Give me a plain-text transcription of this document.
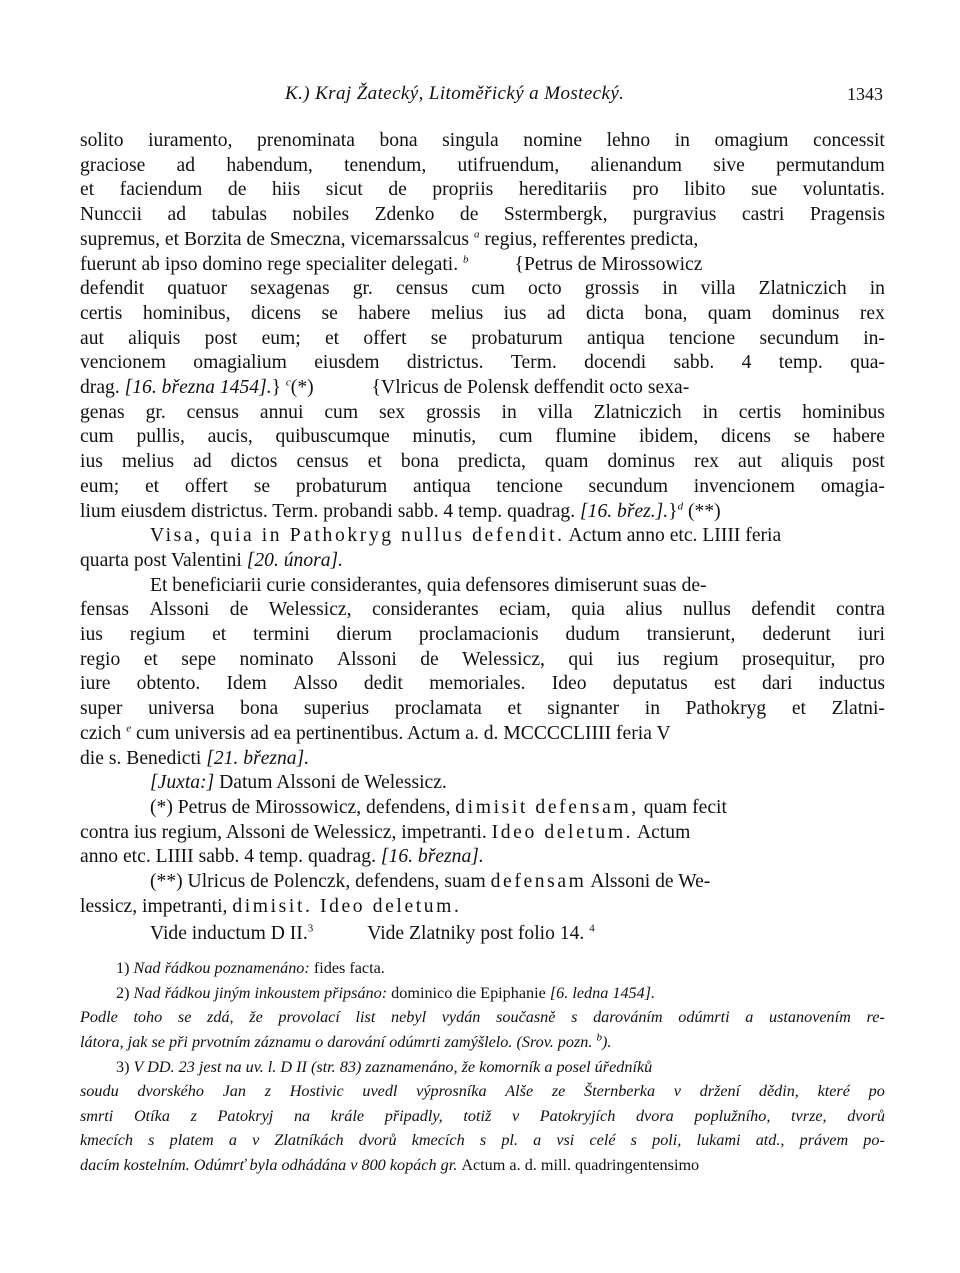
K.) Kraj Žatecký, Litoměřický a Mostecký.	1343

solito iuramento, prenominata bona singula nomine lehno in omagium concessit
graciose ad habendum, tenendum, utifruendum, alienandum sive permutandum
et faciendum de hiis sicut de propriis hereditariis pro libito sue voluntatis.
Nunccii ad tabulas nobiles Zdenko de Sstermbergk, purgravius castri Pragensis
supremus, et Borzita de Smeczna, vicemarssalcus $^a$ regius, refferentes predicta,
fuerunt ab ipso domino rege specialiter delegati. $^b$ {Petrus de Mirossowicz
defendit quatuor sexagenas gr. census cum octo grossis in villa Zlatniczich in
certis hominibus, dicens se habere melius ius ad dicta bona, quam dominus rex
aut aliquis post eum; et offert se probaturum antiqua tencione secundum in-
vencionem omagialium eiusdem districtus. Term. docendi sabb. 4 temp. qua-
drag. [16. března 1454].} $^c$(*)	{Vlricus de Polensk deffendit octo sexa-
genas gr. census annui cum sex grossis in villa Zlatniczich in certis hominibus
cum pullis, aucis, quibuscumque minutis, cum flumine ibidem, dicens se habere
ius melius ad dictos census et bona predicta, quam dominus rex aut aliquis post
eum; et offert se probaturum antiqua tencione secundum invencionem omagia-
lium eiusdem districtus. Term. probandi sabb. 4 temp. quadrag. [16. břez.].}$^d$ (**)
Visa, quia in Pathokryg nullus defendit. Actum anno etc. LIIII feria
quarta post Valentini [20. února].

Et beneficiarii curie considerantes, quia defensores dimiserunt suas de-
fensas Alssoni de Welessicz, considerantes eciam, quia alius nullus defendit contra
ius regium et termini dierum proclamacionis dudum transierunt, dederunt iuri
regio et sepe nominato Alssoni de Welessicz, qui ius regium prosequitur, pro
iure obtento. Idem Alsso dedit memoriales. Ideo deputatus est dari inductus
super universa bona superius proclamata et signanter in Pathokryg et Zlatni-
czich $^e$ cum universis ad ea pertinentibus. Actum a. d. MCCCCLIIII feria V
die s. Benedicti [21. března].

[Juxta:] Datum Alssoni de Welessicz.

(*) Petrus de Mirossowicz, defendens, dimisit defensam, quam fecit
contra ius regium, Alssoni de Welessicz, impetranti. Ideo deletum. Actum
anno etc. LIIII sabb. 4 temp. quadrag. [16. března].

(**) Ulricus de Polenczk, defendens, suam defensam Alssoni de We-
lessicz, impetranti, dimisit. Ideo deletum.

Vide inductum D II.$^3$	Vide Zlatniky post folio 14. $^4$

1) Nad řádkou poznamenáno: fides facta.

2) Nad řádkou jiným inkoustem připsáno: dominico die Epiphanie [6. ledna 1454].
Podle toho se zdá, že provolací list nebyl vydán současně s darováním odúmrti a ustanovením re-
látora, jak se při prvotním záznamu o darování odúmrti zamýšlelo. (Srov. pozn. $^b$).

3) V DD. 23 jest na uv. l. D II (str. 83) zaznamenáno, že komorník a posel úředníků
soudu dvorského Jan z Hostivic uvedl výprosníka Alše ze Šternberka v držení dědin, které po
smrti Otíka z Patokryj na krále připadly, totiž v Patokryjích dvora poplužního, tvrze, dvorů
kmecích s platem a v Zlatníkách dvorů kmecích s pl. a vsi celé s poli, lukami atd., právem po-
dacím kostelním. Odúmrť byla odhádána v 800 kopách gr. Actum a. d. mill. quadringentensimo
